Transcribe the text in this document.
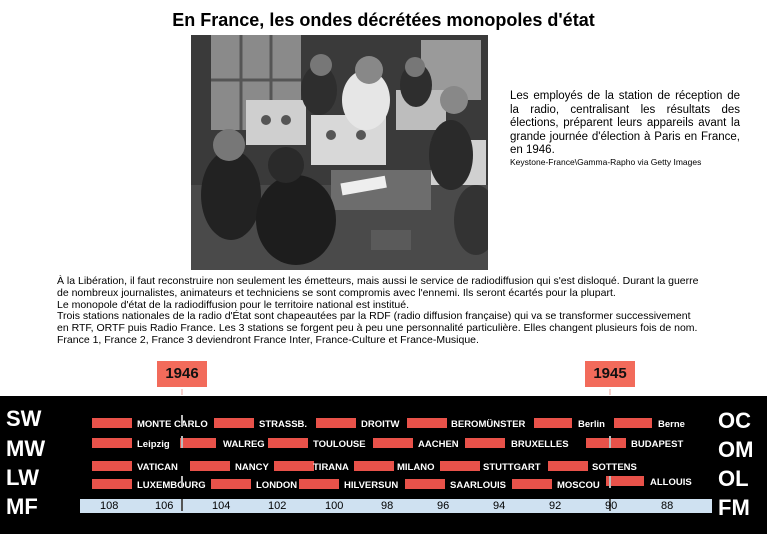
En France, les ondes décrétées monopoles d'état
Les employés de la station de réception de la radio, centralisant les résultats des élections, préparent leurs appareils avant la grande journée d'élection à Paris en France, en 1946.
Keystone-France\Gamma-Rapho via Getty Images
À la Libération, il faut reconstruire non seulement les émetteurs, mais aussi le service de radiodiffusion qui s'est disloqué. Durant la guerre
de nombreux journalistes, animateurs et techniciens se sont compromis avec l'ennemi. Ils seront écartés pour la plupart.
Le monopole d'état de la radiodiffusion pour le territoire national est institué.
Trois stations nationales de la radio d'État sont chapeautées par la RDF (radio diffusion française) qui va se transformer successivement
en RTF, ORTF puis Radio France. Les 3 stations se forgent peu à peu une personnalité particulière. Elles changent plusieurs fois de nom.
France 1, France 2, France 3 deviendront France Inter, France-Culture et France-Musique.
1946	1945
SW
MW
LW
MF
OC
OM
OL
FM
MONTE CARLO	STRASSB.	DROITW	BEROMÜNSTER	Berlin	Berne
Leipzig	WALREG	TOULOUSE	AACHEN	BRUXELLES	BUDAPEST
VATICAN	NANCY	TIRANA	MILANO	STUTTGART	SOTTENS
LUXEMBOURG	LONDON	HILVERSUN	SAARLOUIS	MOSCOU	ALLOUIS
108	106	104	102	100	98	96	94	92	90	88
